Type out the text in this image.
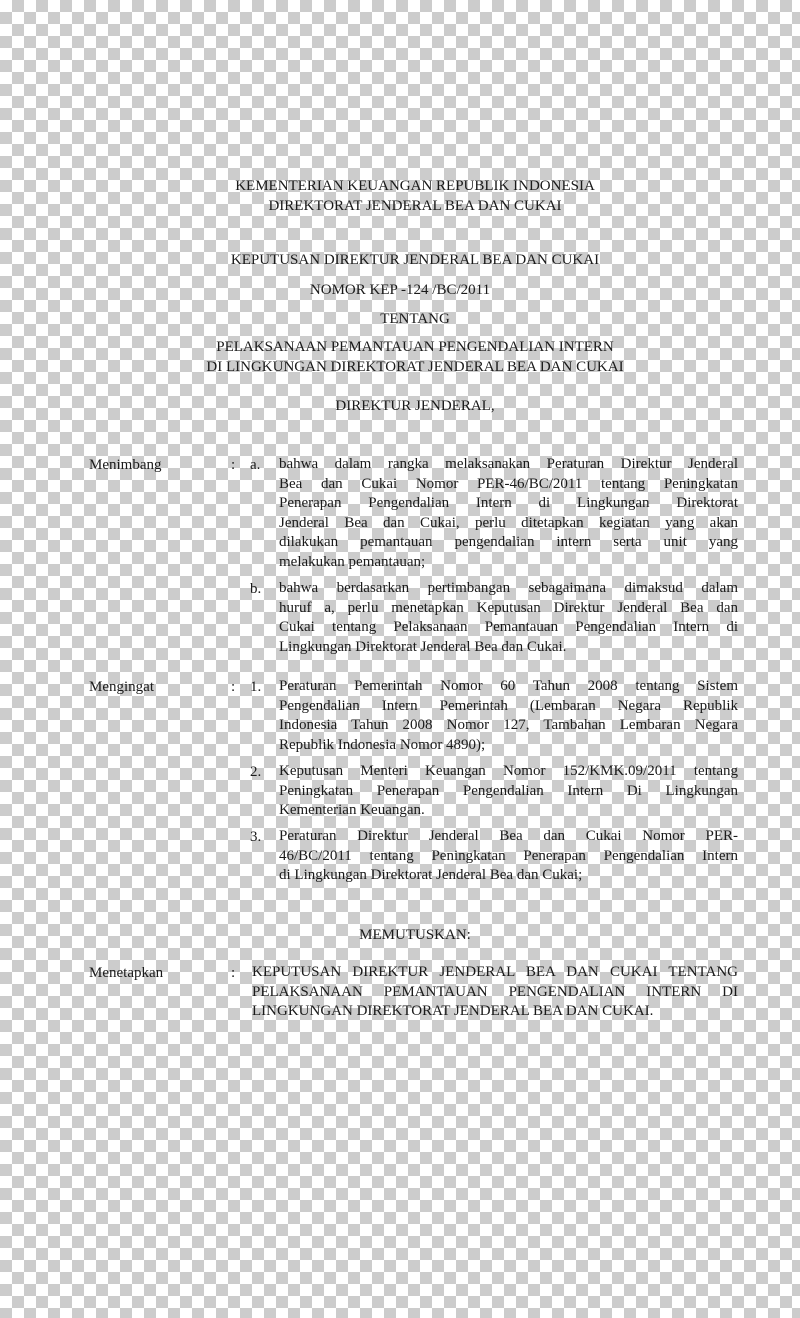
KEMENTERIAN KEUANGAN REPUBLIK INDONESIA
DIREKTORAT JENDERAL BEA DAN CUKAI
KEPUTUSAN DIREKTUR JENDERAL BEA DAN CUKAI
NOMOR KEP -124 /BC/2011
TENTANG
PELAKSANAAN PEMANTAUAN PENGENDALIAN INTERN
DI LINGKUNGAN DIREKTORAT JENDERAL BEA DAN CUKAI
DIREKTUR JENDERAL,
Menimbang	: a. bahwa dalam rangka melaksanakan Peraturan Direktur Jenderal
Bea dan Cukai Nomor PER-46/BC/2011 tentang Peningkatan
Penerapan Pengendalian Intern di Lingkungan Direktorat
Jenderal Bea dan Cukai, perlu ditetapkan kegiatan yang akan
dilakukan pemantauan pengendalian intern serta unit yang
melakukan pemantauan;
b. bahwa berdasarkan pertimbangan sebagaimana dimaksud dalam
huruf a, perlu menetapkan Keputusan Direktur Jenderal Bea dan
Cukai tentang Pelaksanaan Pemantauan Pengendalian Intern di
Lingkungan Direktorat Jenderal Bea dan Cukai.
Mengingat	: 1. Peraturan Pemerintah Nomor 60 Tahun 2008 tentang Sistem
Pengendalian Intern Pemerintah (Lembaran Negara Republik
Indonesia Tahun 2008 Nomor 127, Tambahan Lembaran Negara
Republik Indonesia Nomor 4890);
2. Keputusan Menteri Keuangan Nomor 152/KMK.09/2011 tentang
Peningkatan Penerapan Pengendalian Intern Di Lingkungan
Kementerian Keuangan.
3. Peraturan Direktur Jenderal Bea dan Cukai Nomor PER-
46/BC/2011 tentang Peningkatan Penerapan Pengendalian Intern
di Lingkungan Direktorat Jenderal Bea dan Cukai;
MEMUTUSKAN:
Menetapkan	: KEPUTUSAN DIREKTUR JENDERAL BEA DAN CUKAI TENTANG
PELAKSANAAN PEMANTAUAN PENGENDALIAN INTERN DI
LINGKUNGAN DIREKTORAT JENDERAL BEA DAN CUKAI.
